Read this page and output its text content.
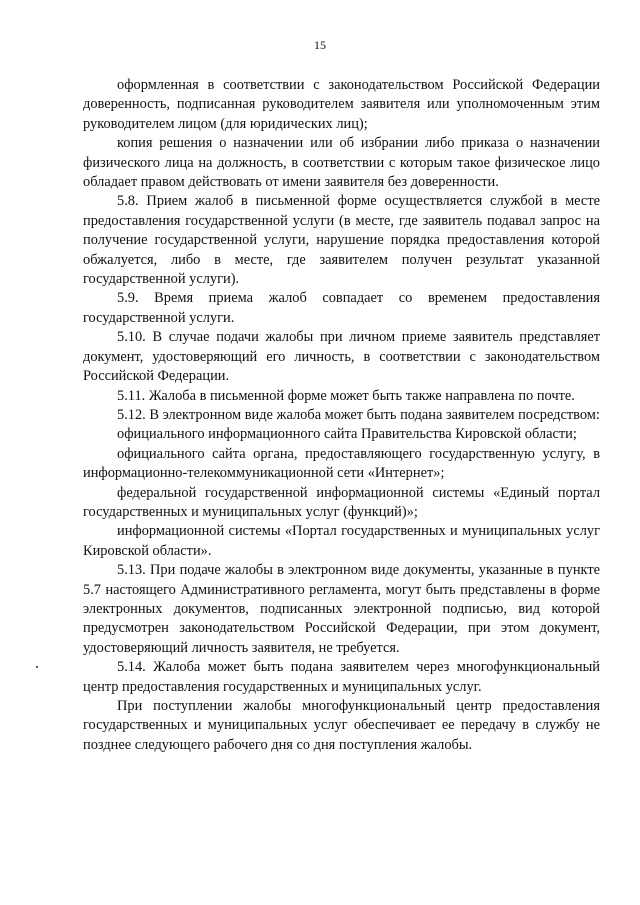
15

оформленная в соответствии с законодательством Российской Федерации доверенность, подписанная руководителем заявителя или уполномоченным этим руководителем лицом (для юридических лиц);

копия решения о назначении или об избрании либо приказа о назначении физического лица на должность, в соответствии с которым такое физическое лицо обладает правом действовать от имени заявителя без доверенности.

5.8. Прием жалоб в письменной форме осуществляется службой в месте предоставления государственной услуги (в месте, где заявитель подавал запрос на получение государственной услуги, нарушение порядка предоставления которой обжалуется, либо в месте, где заявителем получен результат указанной государственной услуги).

5.9. Время приема жалоб совпадает со временем предоставления государственной услуги.

5.10. В случае подачи жалобы при личном приеме заявитель представляет документ, удостоверяющий его личность, в соответствии с законодательством Российской Федерации.

5.11. Жалоба в письменной форме может быть также направлена по почте.

5.12. В электронном виде жалоба может быть подана заявителем посредством:

официального информационного сайта Правительства Кировской области;

официального сайта органа, предоставляющего государственную услугу, в информационно-телекоммуникационной сети «Интернет»;

федеральной государственной информационной системы «Единый портал государственных и муниципальных услуг (функций)»;

информационной системы «Портал государственных и муниципальных услуг Кировской области».

5.13. При подаче жалобы в электронном виде документы, указанные в пункте 5.7 настоящего Административного регламента, могут быть представлены в форме электронных документов, подписанных электронной подписью, вид которой предусмотрен законодательством Российской Федерации, при этом документ, удостоверяющий личность заявителя, не требуется.

5.14. Жалоба может быть подана заявителем через многофункциональный центр предоставления государственных и муниципальных услуг.

При поступлении жалобы многофункциональный центр предоставления государственных и муниципальных услуг обеспечивает ее передачу в службу не позднее следующего рабочего дня со дня поступления жалобы.
